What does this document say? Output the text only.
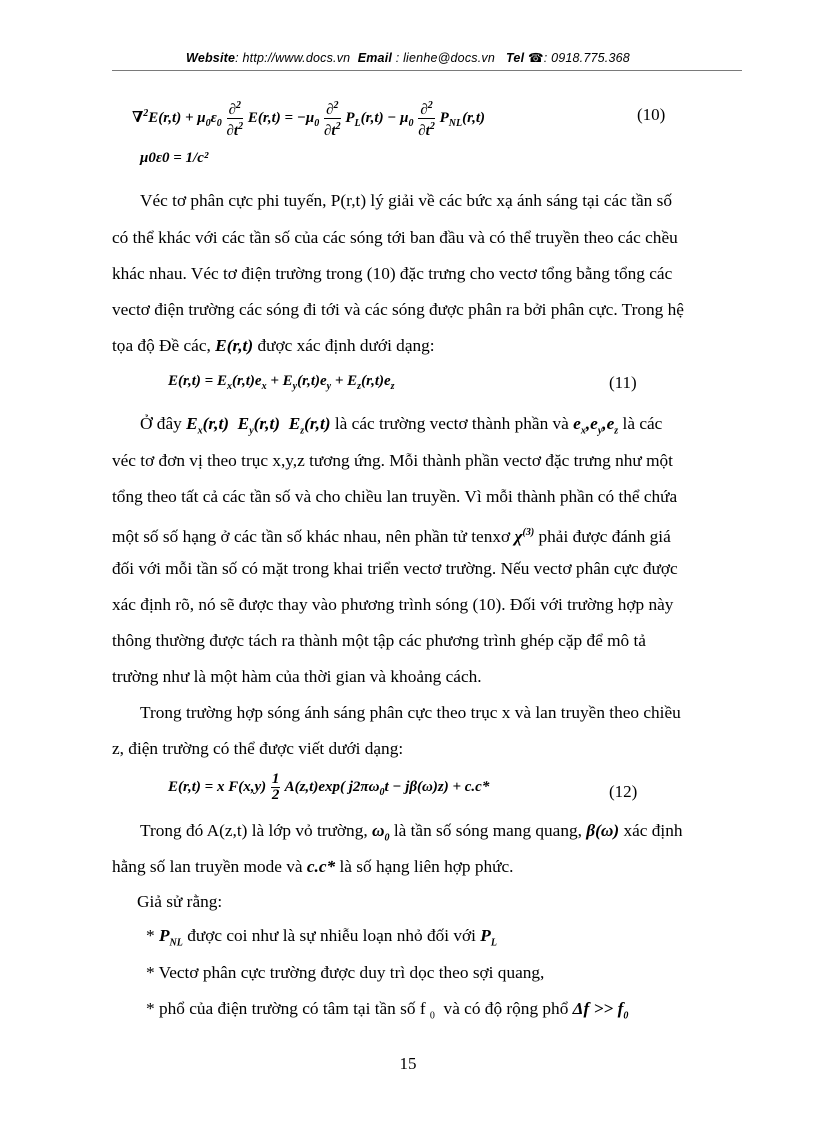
Website: http://www.docs.vn Email : lienhe@docs.vn Tel ☎: 0918.775.368
$\nabla^2E(r,t) + \mu_0\varepsilon_0 \frac{\partial^2}{\partial t^2} E(r,t) = -\mu_0 \frac{\partial^2}{\partial t^2} P_L(r,t) - \mu_0 \frac{\partial^2}{\partial t^2} P_{NL}(r,t)$	(10)
μ0ε0 = 1/c²
Véc tơ phân cực phi tuyến, P(r,t) lý giải về các bức xạ ánh sáng tại các tần số
có thể khác với các tần số của các sóng tới ban đầu và có thể truyền theo các chều
khác nhau. Véc tơ điện trường trong (10) đặc trưng cho vectơ tổng bằng tổng các
vectơ điện trường các sóng đi tới và các sóng được phân ra bởi phân cực. Trong hệ
tọa độ Đề các, E(r,t) được xác định dưới dạng:
$E(r,t) = E_x(r,t)e_x + E_y(r,t)e_y + E_z(r,t)e_z$	(11)
Ở đây $E_x(r,t)$  $E_y(r,t)$  $E_z(r,t)$ là các trường vectơ thành phần và $e_x,e_y,e_z$ là các
véc tơ đơn vị theo trục x,y,z tương ứng. Mỗi thành phần vectơ đặc trưng như một
tổng theo tất cả các tần số và cho chiều lan truyền. Vì mỗi thành phần có thể chứa
một số số hạng ở các tần số khác nhau, nên phần tử tenxơ $\chi^{(3)}$ phải được đánh giá
đối với mỗi tần số có mặt trong khai triển vectơ trường. Nếu vectơ phân cực được
xác định rõ, nó sẽ được thay vào phương trình sóng (10). Đối với trường hợp này
thông thường được tách ra thành một tập các phương trình ghép cặp để mô tả
trường như là một hàm của thời gian và khoảng cách.
Trong trường hợp sóng ánh sáng phân cực theo trục x và lan truyền theo chiều
z, điện trường có thể được viết dưới dạng:
E(r,t) = x $F(x,y) \frac{1}{2} A(z,t)\exp$( $j2\pi\omega_0t - j\beta(\omega)z) + c.c*$	(12)
Trong đó A(z,t) là lớp vỏ trường, $\omega_0$ là tần số sóng mang quang, β(ω) xác định
hằng số lan truyền mode và c.c* là số hạng liên hợp phức.
Giả sử rằng:
* $P_{NL}$ được coi như là sự nhiễu loạn nhỏ đối với $P_L$
* Vectơ phân cực trường được duy trì dọc theo sợi quang,
* phổ của điện trường có tâm tại tần số f $_0$ và có độ rộng phổ $\Delta f >> f_0$
15
